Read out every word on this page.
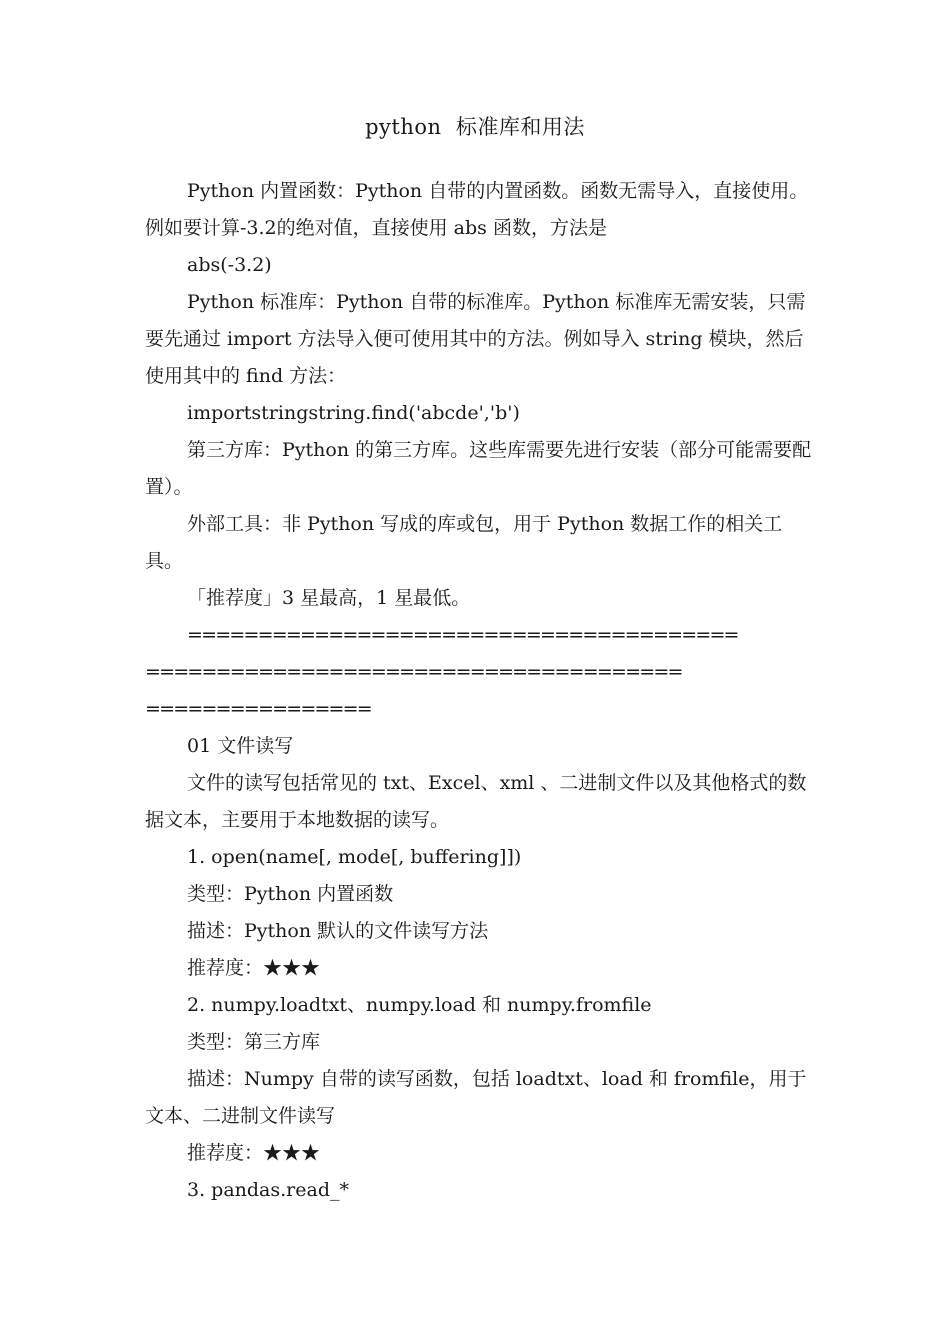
python  标准库和用法

Python 内置函数：Python 自带的内置函数。函数无需导入，直接使用。例如要计算-3.2的绝对值，直接使用 abs 函数，方法是

abs(-3.2)

Python 标准库：Python 自带的标准库。Python 标准库无需安装，只需要先通过 import 方法导入便可使用其中的方法。例如导入 string 模块，然后使用其中的 find 方法：

importstringstring.find('abcde','b')

第三方库：Python 的第三方库。这些库需要先进行安装（部分可能需要配置）。

外部工具：非 Python 写成的库或包，用于 Python 数据工作的相关工具。

「推荐度」3 星最高，1 星最低。

=======================================
======================================
================

01 文件读写

文件的读写包括常见的 txt、Excel、xml 、二进制文件以及其他格式的数据文本，主要用于本地数据的读写。

1. open(name[, mode[, buffering]])

类型：Python 内置函数

描述：Python 默认的文件读写方法

推荐度：★★★

2. numpy.loadtxt、numpy.load 和 numpy.fromfile

类型：第三方库

描述：Numpy 自带的读写函数，包括 loadtxt、load 和 fromfile，用于文本、二进制文件读写

推荐度：★★★

3. pandas.read_*
